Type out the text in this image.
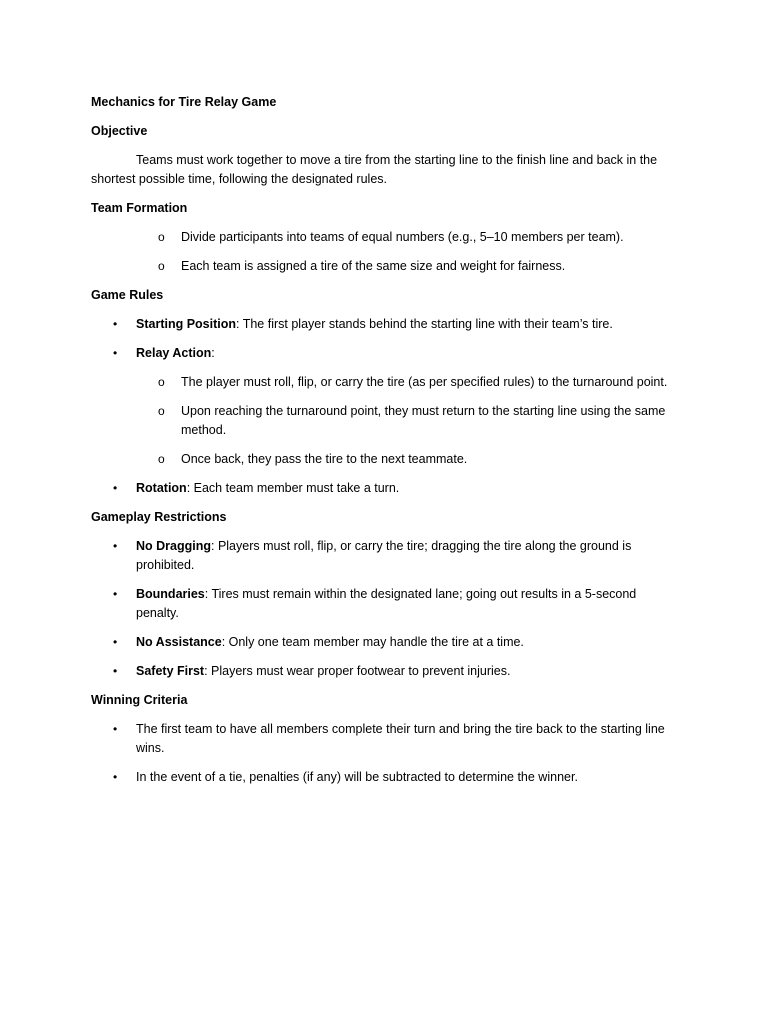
Mechanics for Tire Relay Game
Objective
Teams must work together to move a tire from the starting line to the finish line and back in the shortest possible time, following the designated rules.
Team Formation
o Divide participants into teams of equal numbers (e.g., 5–10 members per team).
o Each team is assigned a tire of the same size and weight for fairness.
Game Rules
• Starting Position: The first player stands behind the starting line with their team’s tire.
• Relay Action:
o The player must roll, flip, or carry the tire (as per specified rules) to the turnaround point.
o Upon reaching the turnaround point, they must return to the starting line using the same method.
o Once back, they pass the tire to the next teammate.
• Rotation: Each team member must take a turn.
Gameplay Restrictions
• No Dragging: Players must roll, flip, or carry the tire; dragging the tire along the ground is prohibited.
• Boundaries: Tires must remain within the designated lane; going out results in a 5-second penalty.
• No Assistance: Only one team member may handle the tire at a time.
• Safety First: Players must wear proper footwear to prevent injuries.
Winning Criteria
• The first team to have all members complete their turn and bring the tire back to the starting line wins.
• In the event of a tie, penalties (if any) will be subtracted to determine the winner.
